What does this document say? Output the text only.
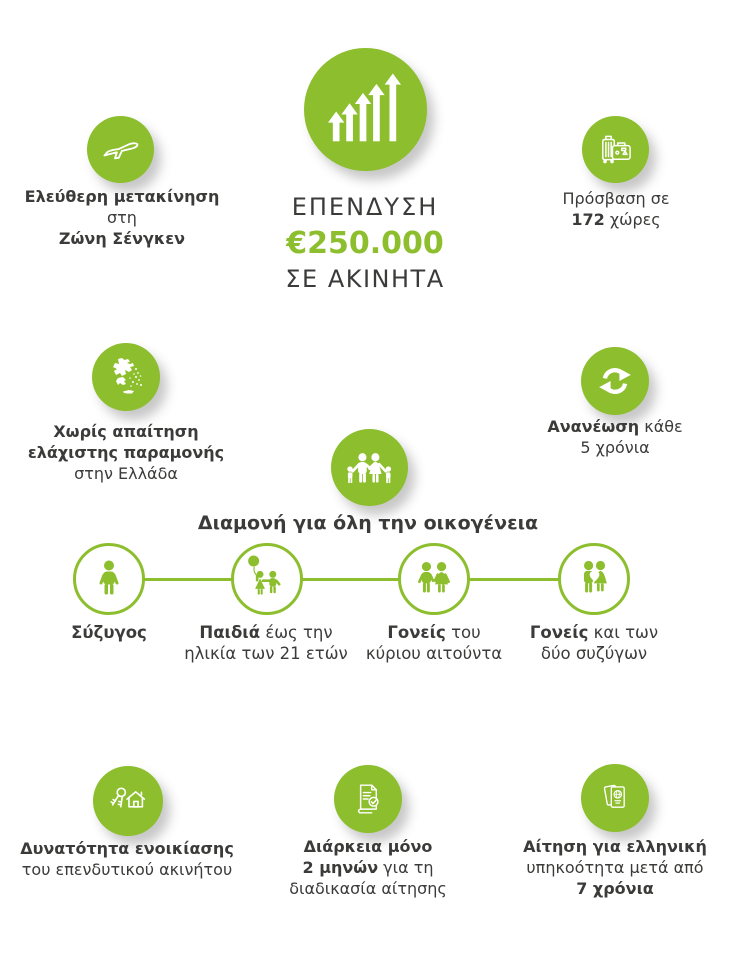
ΕΠΕΝΔΥΣΗ
€250.000
ΣΕ ΑΚΙΝΗΤΑ
Ελεύθερη μετακίνηση
στη
Ζώνη Σένγκεν
Πρόσβαση σε
172 χώρες
Χωρίς απαίτηση
ελάχιστης παραμονής
στην Ελλάδα
Ανανέωση κάθε
5 χρόνια
Διαμονή για όλη την οικογένεια
Σύζυγος	Παιδιά έως την
ηλικία των 21 ετών
Γονείς του
κύριου αιτούντα
Γονείς και των
δύο συζύγων
Δυνατότητα ενοικίασης
του επενδυτικού ακινήτου
Διάρκεια μόνο
2 μηνών για τη
διαδικασία αίτησης
Αίτηση για ελληνική
υπηκοότητα μετά από
7 χρόνια
